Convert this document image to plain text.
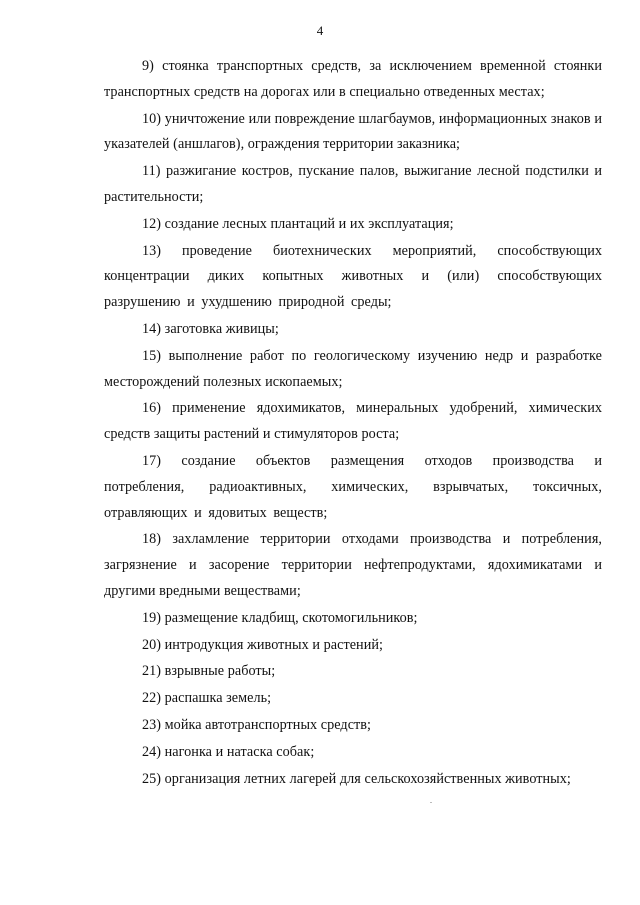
4

9) стоянка транспортных средств, за исключением временной стоянки транспортных средств на дорогах или в специально отведенных местах;

10) уничтожение или повреждение шлагбаумов, информационных знаков и указателей (аншлагов), ограждения территории заказника;

11) разжигание костров, пускание палов, выжигание лесной подстилки и растительности;

12) создание лесных плантаций и их эксплуатация;

13) проведение биотехнических мероприятий, способствующих концентрации диких копытных животных и (или) способствующих разрушению и ухудшению природной среды;

14) заготовка живицы;

15) выполнение работ по геологическому изучению недр и разработке месторождений полезных ископаемых;

16) применение ядохимикатов, минеральных удобрений, химических средств защиты растений и стимуляторов роста;

17) создание объектов размещения отходов производства и потребления, радиоактивных, химических, взрывчатых, токсичных, отравляющих и ядовитых веществ;

18) захламление территории отходами производства и потребления, загрязнение и засорение территории нефтепродуктами, ядохимикатами и другими вредными веществами;

19) размещение кладбищ, скотомогильников;

20) интродукция животных и растений;

21) взрывные работы;

22) распашка земель;

23) мойка автотранспортных средств;

24) нагонка и натаска собак;

25) организация летних лагерей для сельскохозяйственных животных;
